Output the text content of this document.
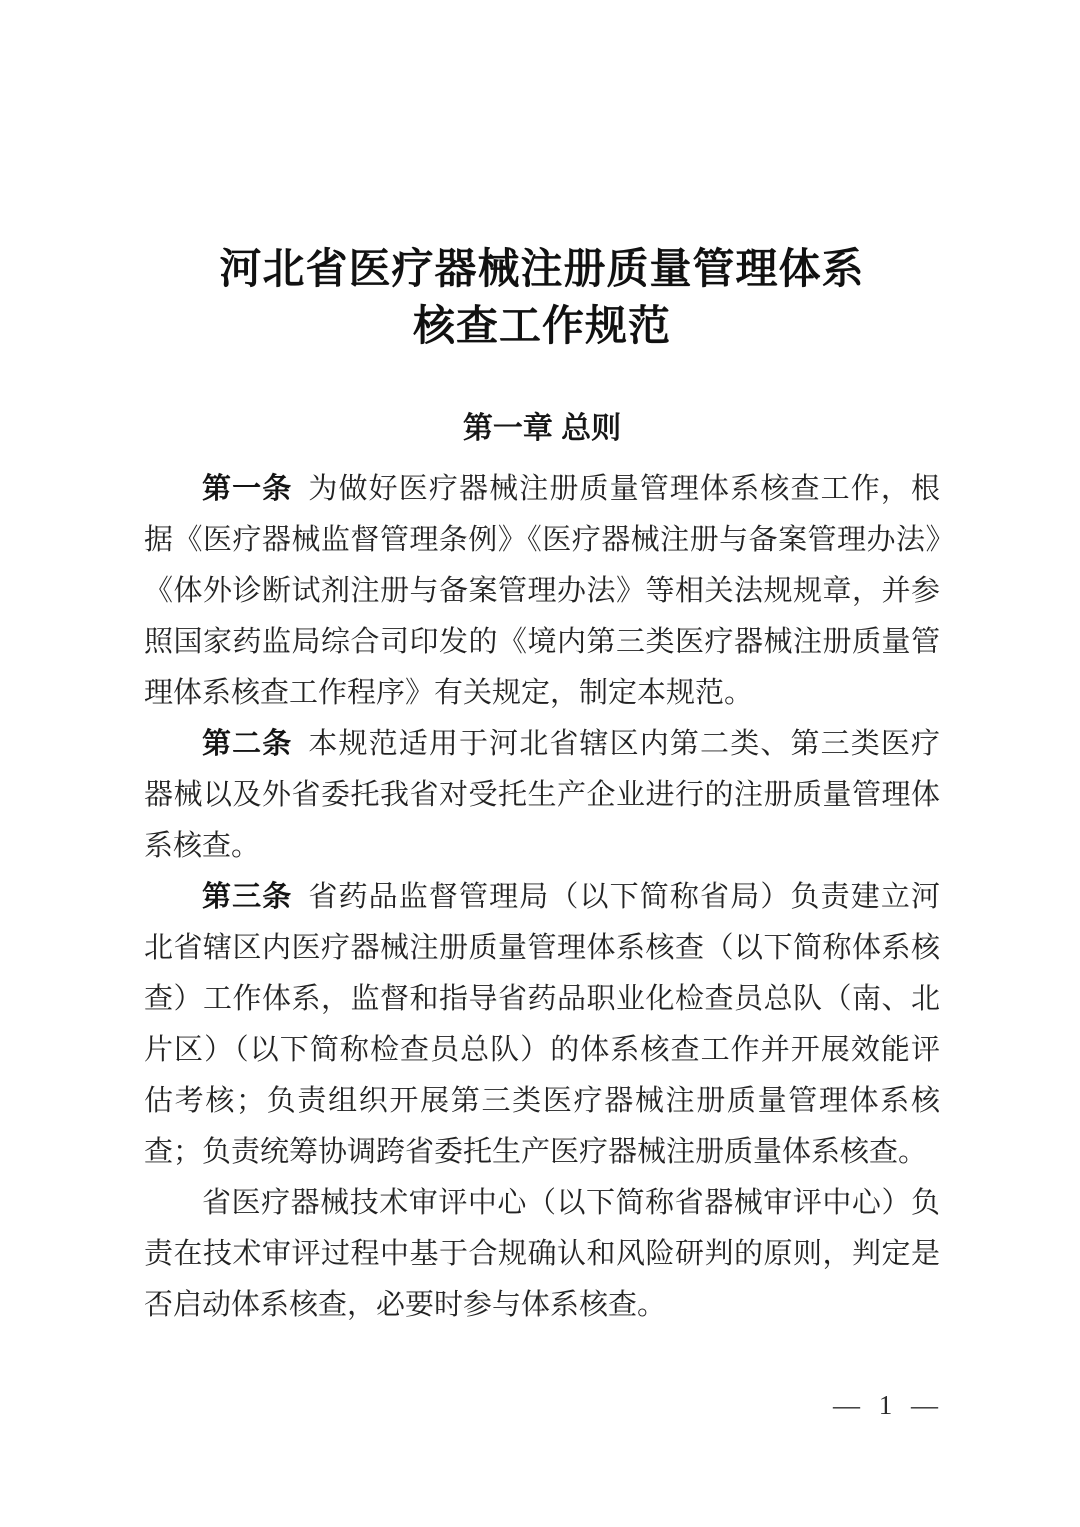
河北省医疗器械注册质量管理体系
核查工作规范
第一章 总则

第一条 为做好医疗器械注册质量管理体系核查工作，根据《医疗器械监督管理条例》《医疗器械注册与备案管理办法》《体外诊断试剂注册与备案管理办法》等相关法规规章，并参照国家药监局综合司印发的《境内第三类医疗器械注册质量管理体系核查工作程序》有关规定，制定本规范。

第二条 本规范适用于河北省辖区内第二类、第三类医疗器械以及外省委托我省对受托生产企业进行的注册质量管理体系核查。

第三条 省药品监督管理局（以下简称省局）负责建立河北省辖区内医疗器械注册质量管理体系核查（以下简称体系核查）工作体系，监督和指导省药品职业化检查员总队（南、北片区）（以下简称检查员总队）的体系核查工作并开展效能评估考核；负责组织开展第三类医疗器械注册质量管理体系核查；负责统筹协调跨省委托生产医疗器械注册质量体系核查。

省医疗器械技术审评中心（以下简称省器械审评中心）负责在技术审评过程中基于合规确认和风险研判的原则，判定是否启动体系核查，必要时参与体系核查。

— 1 —
